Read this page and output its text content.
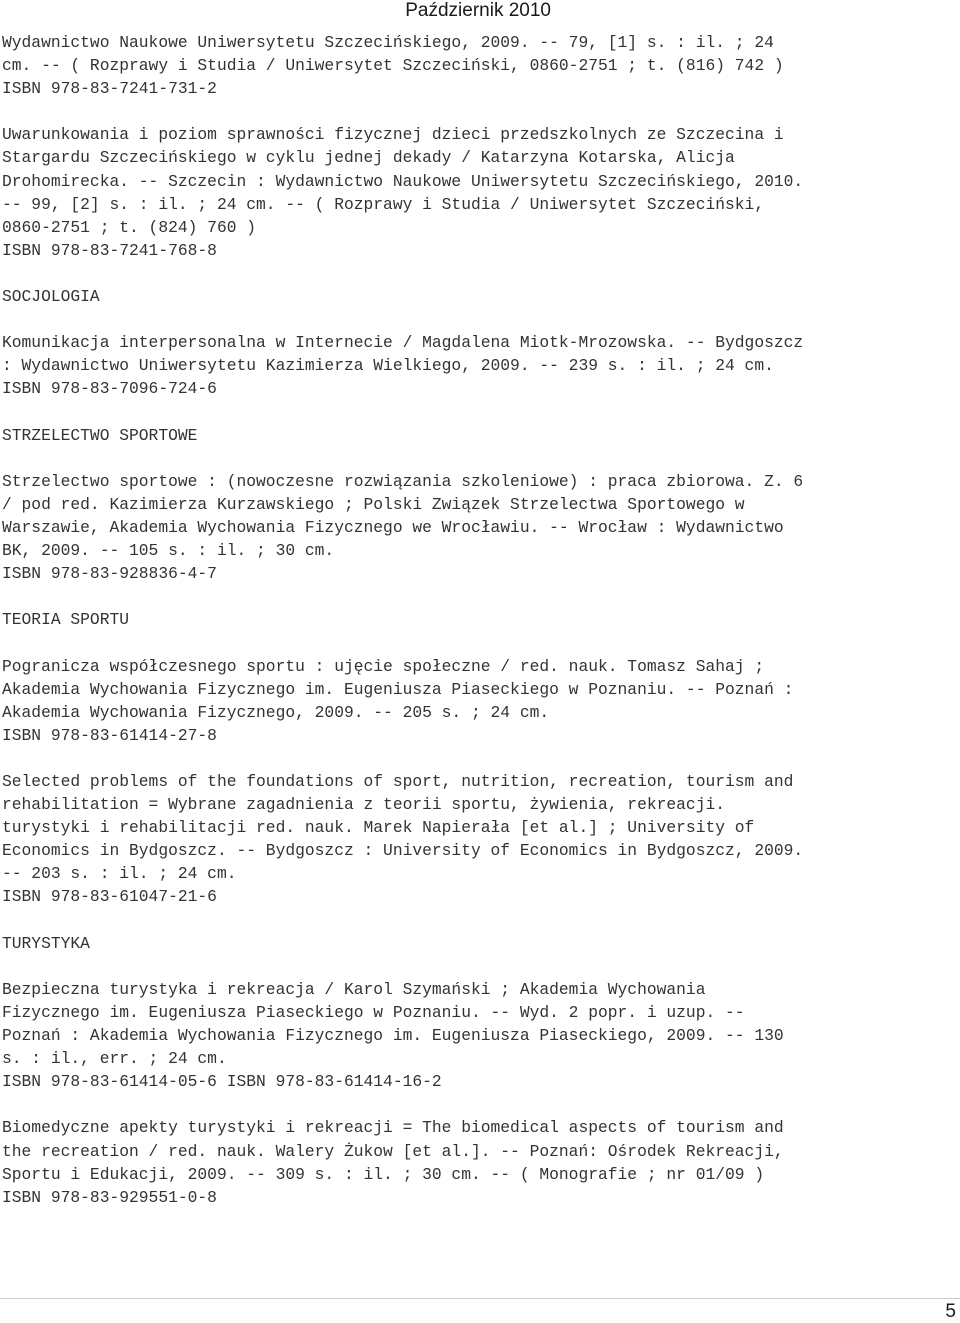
Październik 2010
Wydawnictwo Naukowe Uniwersytetu Szczecińskiego, 2009. -- 79, [1] s. : il. ; 24
cm. -- ( Rozprawy i Studia / Uniwersytet Szczeciński, 0860-2751 ; t. (816) 742 )
ISBN 978-83-7241-731-2
Uwarunkowania i poziom sprawności fizycznej dzieci przedszkolnych ze Szczecina i
Stargardu Szczecińskiego w cyklu jednej dekady / Katarzyna Kotarska, Alicja
Drohomirecka. -- Szczecin : Wydawnictwo Naukowe Uniwersytetu Szczecińskiego, 2010.
-- 99, [2] s. : il. ; 24 cm. -- ( Rozprawy i Studia / Uniwersytet Szczeciński,
0860-2751 ; t. (824) 760 )
ISBN 978-83-7241-768-8
SOCJOLOGIA
Komunikacja interpersonalna w Internecie / Magdalena Miotk-Mrozowska. -- Bydgoszcz
: Wydawnictwo Uniwersytetu Kazimierza Wielkiego, 2009. -- 239 s. : il. ; 24 cm.
ISBN 978-83-7096-724-6
STRZELECTWO SPORTOWE
Strzelectwo sportowe : (nowoczesne rozwiązania szkoleniowe) : praca zbiorowa. Z. 6
/ pod red. Kazimierza Kurzawskiego ; Polski Związek Strzelectwa Sportowego w
Warszawie, Akademia Wychowania Fizycznego we Wrocławiu. -- Wrocław : Wydawnictwo
BK, 2009. -- 105 s. : il. ; 30 cm.
ISBN 978-83-928836-4-7
TEORIA SPORTU
Pogranicza współczesnego sportu : ujęcie społeczne / red. nauk. Tomasz Sahaj ;
Akademia Wychowania Fizycznego im. Eugeniusza Piaseckiego w Poznaniu. -- Poznań :
Akademia Wychowania Fizycznego, 2009. -- 205 s. ; 24 cm.
ISBN 978-83-61414-27-8
Selected problems of the foundations of sport, nutrition, recreation, tourism and
rehabilitation = Wybrane zagadnienia z teorii sportu, żywienia, rekreacji.
turystyki i rehabilitacji red. nauk. Marek Napierała [et al.] ; University of
Economics in Bydgoszcz. -- Bydgoszcz : University of Economics in Bydgoszcz, 2009.
-- 203 s. : il. ; 24 cm.
ISBN 978-83-61047-21-6
TURYSTYKA
Bezpieczna turystyka i rekreacja / Karol Szymański ; Akademia Wychowania
Fizycznego im. Eugeniusza Piaseckiego w Poznaniu. -- Wyd. 2 popr. i uzup. --
Poznań : Akademia Wychowania Fizycznego im. Eugeniusza Piaseckiego, 2009. -- 130
s. : il., err. ; 24 cm.
ISBN 978-83-61414-05-6 ISBN 978-83-61414-16-2
Biomedyczne apekty turystyki i rekreacji = The biomedical aspects of tourism and
the recreation / red. nauk. Walery Żukow [et al.]. -- Poznań: Ośrodek Rekreacji,
Sportu i Edukacji, 2009. -- 309 s. : il. ; 30 cm. -- ( Monografie ; nr 01/09 )
ISBN 978-83-929551-0-8
5
